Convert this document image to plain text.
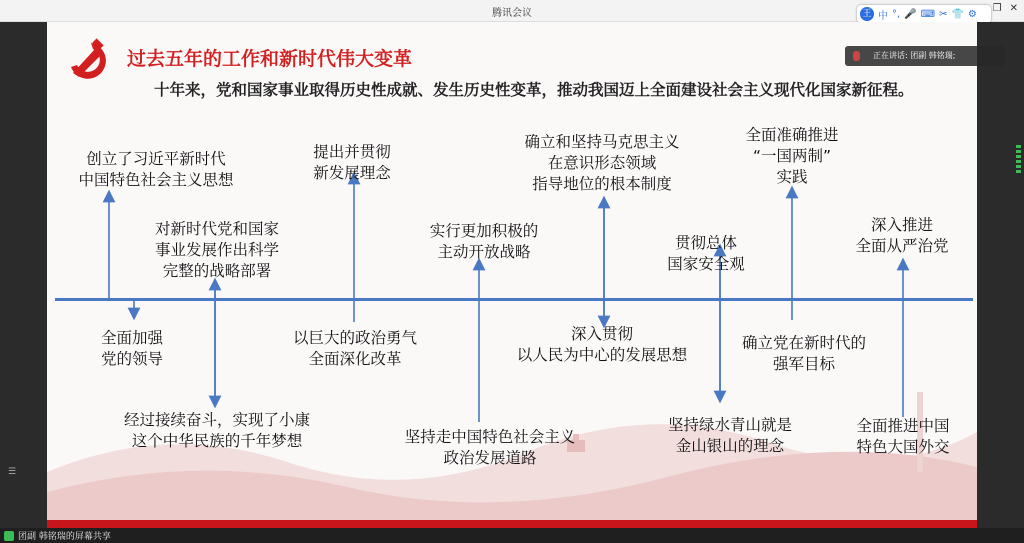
腾讯会议	❐ ✕
王 中 °, 🎤 ⌨ ✂ 👕 ⚙
☰
过去五年的工作和新时代伟大变革
十年来，党和国家事业取得历史性成就、发生历史性变革，推动我国迈上全面建设社会主义现代化国家新征程。
创立了习近平新时代
中国特色社会主义思想
对新时代党和国家
事业发展作出科学
完整的战略部署
提出并贯彻
新发展理念
实行更加积极的
主动开放战略
确立和坚持马克思主义
在意识形态领域
指导地位的根本制度
全面准确推进
“一国两制”
实践
贯彻总体
国家安全观
深入推进
全面从严治党
全面加强
党的领导
以巨大的政治勇气
全面深化改革
深入贯彻
以人民为中心的发展思想
确立党在新时代的
强军目标
经过接续奋斗，实现了小康
这个中华民族的千年梦想	坚持走中国特色社会主义
政治发展道路
坚持绿水青山就是
金山银山的理念
全面推进中国
特色大国外交
正在讲话: 团副 韩铭瑞;
团副 韩铭瑞的屏幕共享
